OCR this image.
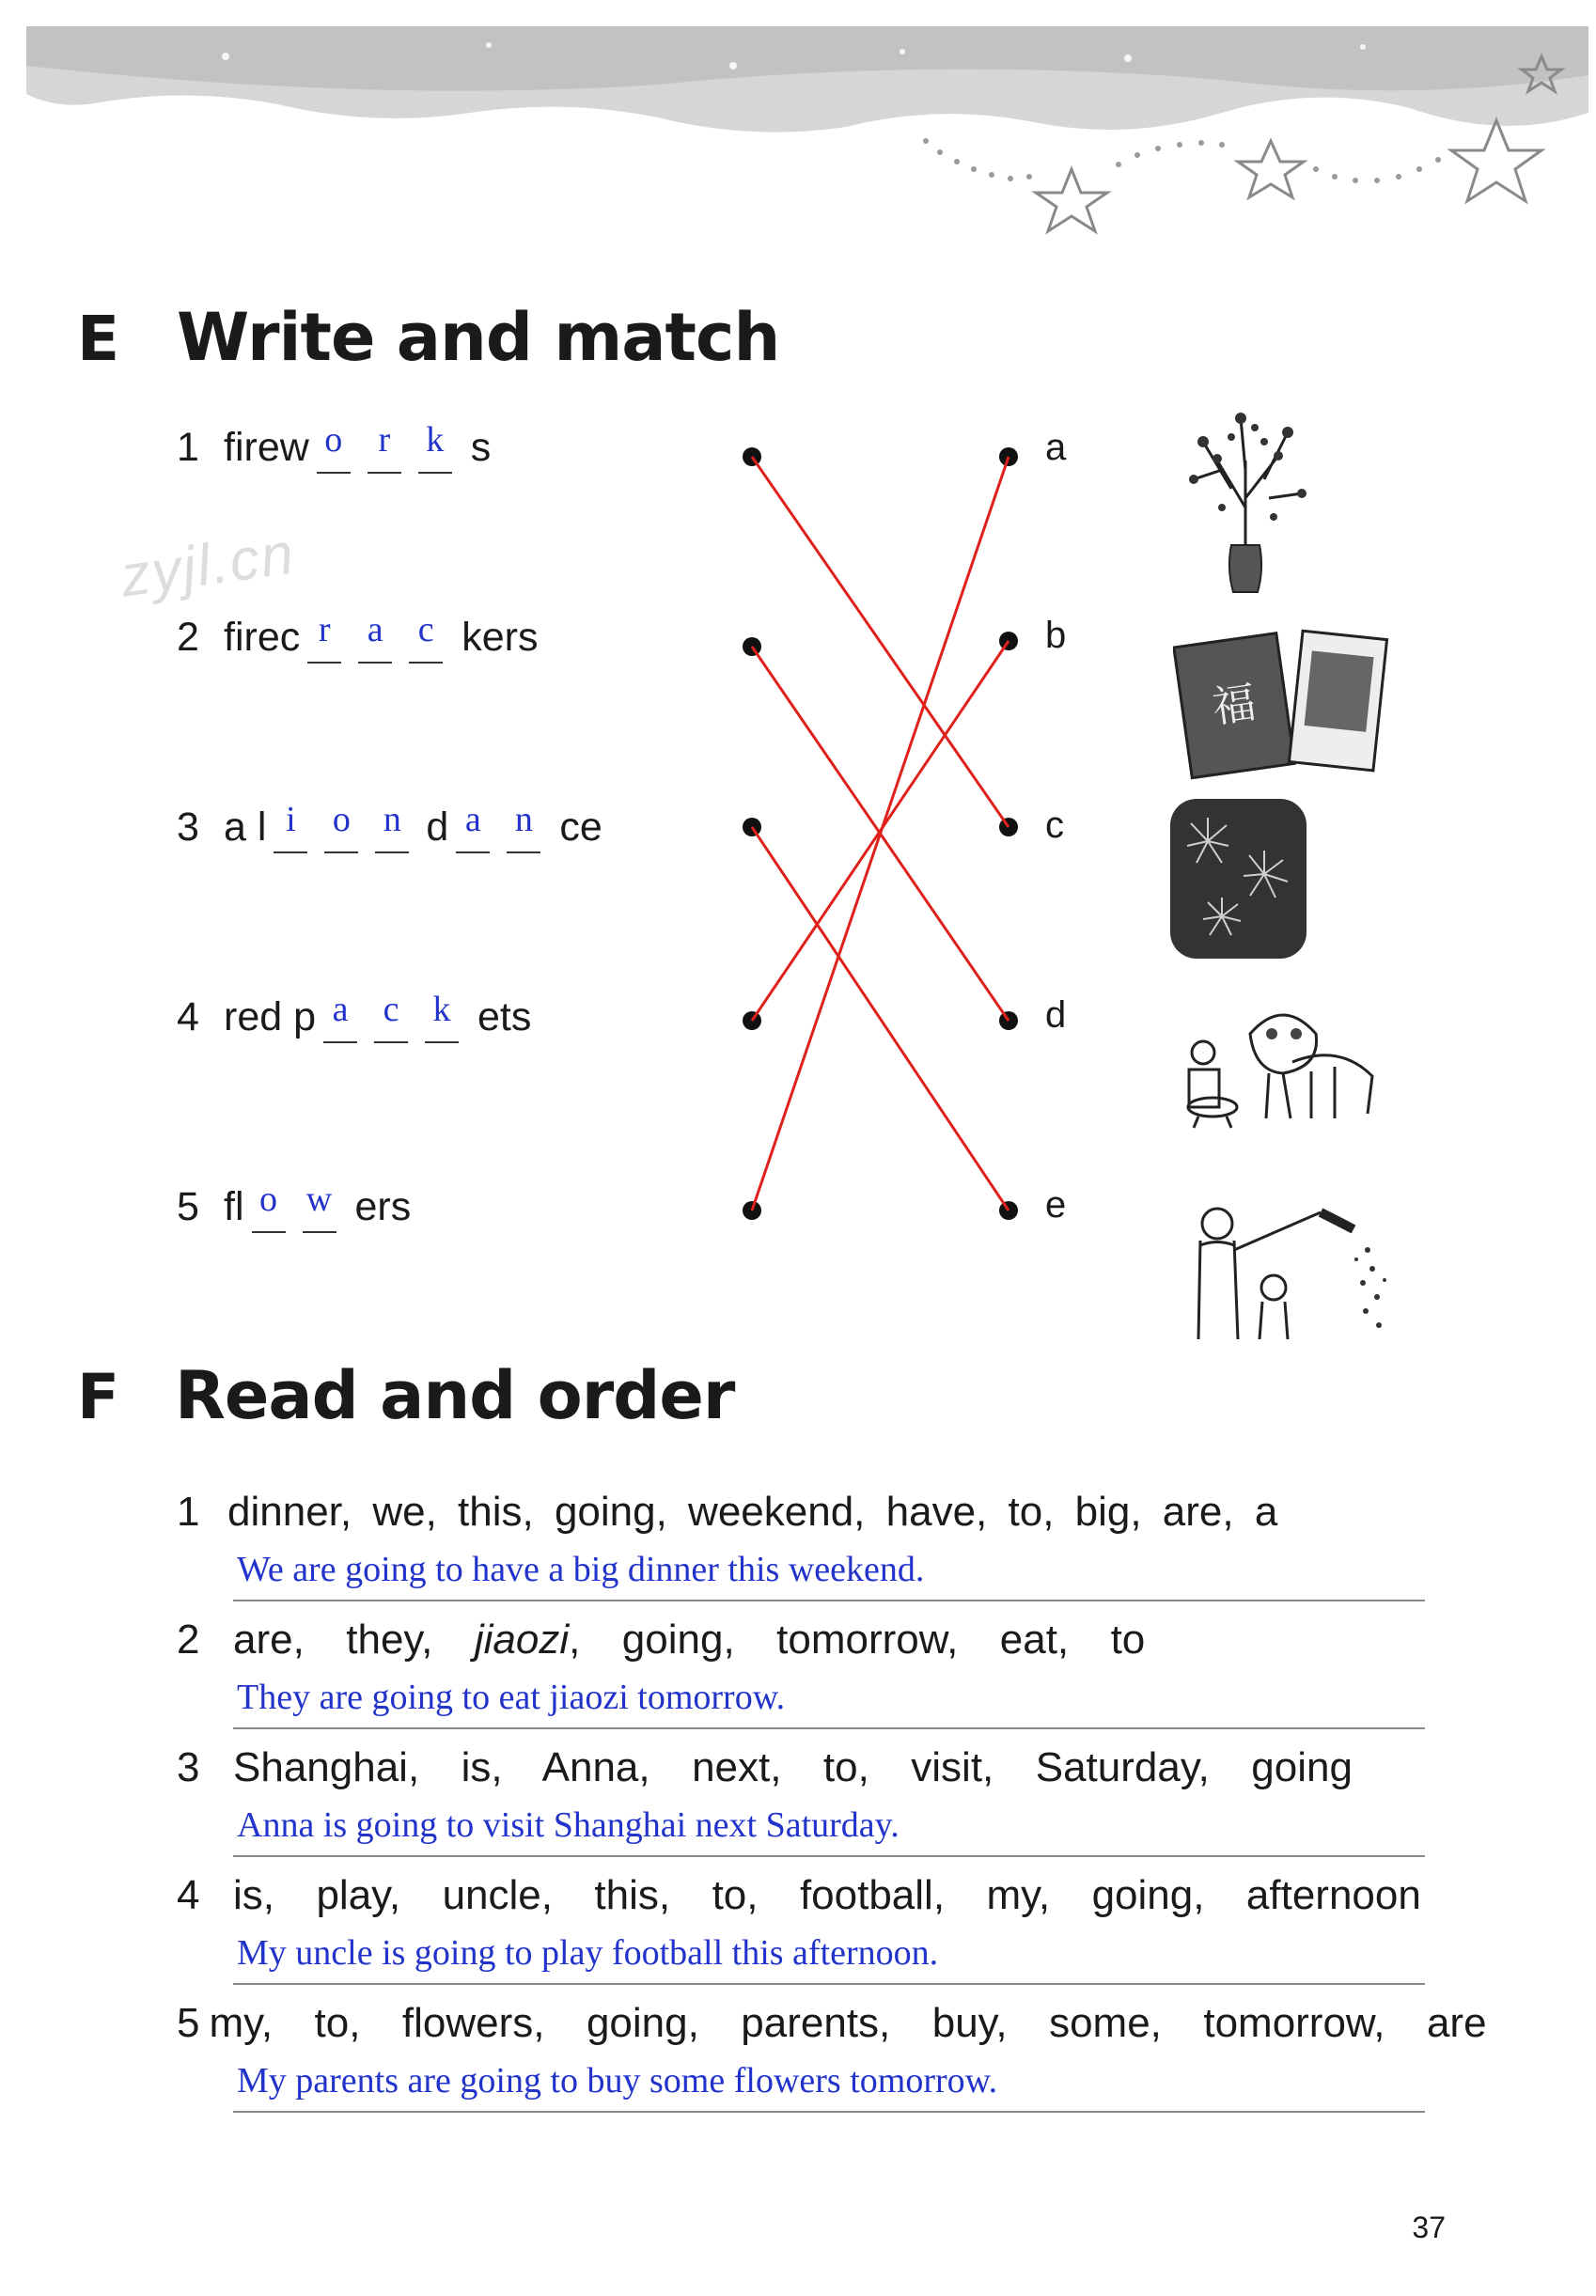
zyjl.cn
E Write and match
1 firew o	r	k s
2 firec r	a c kers
3 a l i	o n d a n ce
4 red p a c k ets
5 fl o w ers
a
b
c
d
e
福
F Read and order
1 dinner, we, this, going, weekend, have, to, big, are, a
We are going to have a big dinner this weekend.
2 are,  they,  jiaozi,  going,  tomorrow,  eat,  to
They are going to eat jiaozi tomorrow.
3 Shanghai,  is,  Anna,  next,  to,  visit,  Saturday,  going
Anna is going to visit Shanghai next Saturday.
4 is,  play,  uncle,  this,  to,  football,  my,  going,  afternoon
My uncle is going to play football this afternoon.
5 my,  to,  flowers,  going,  parents,  buy,  some,  tomorrow,  are
My parents are going to buy some flowers tomorrow.
37
